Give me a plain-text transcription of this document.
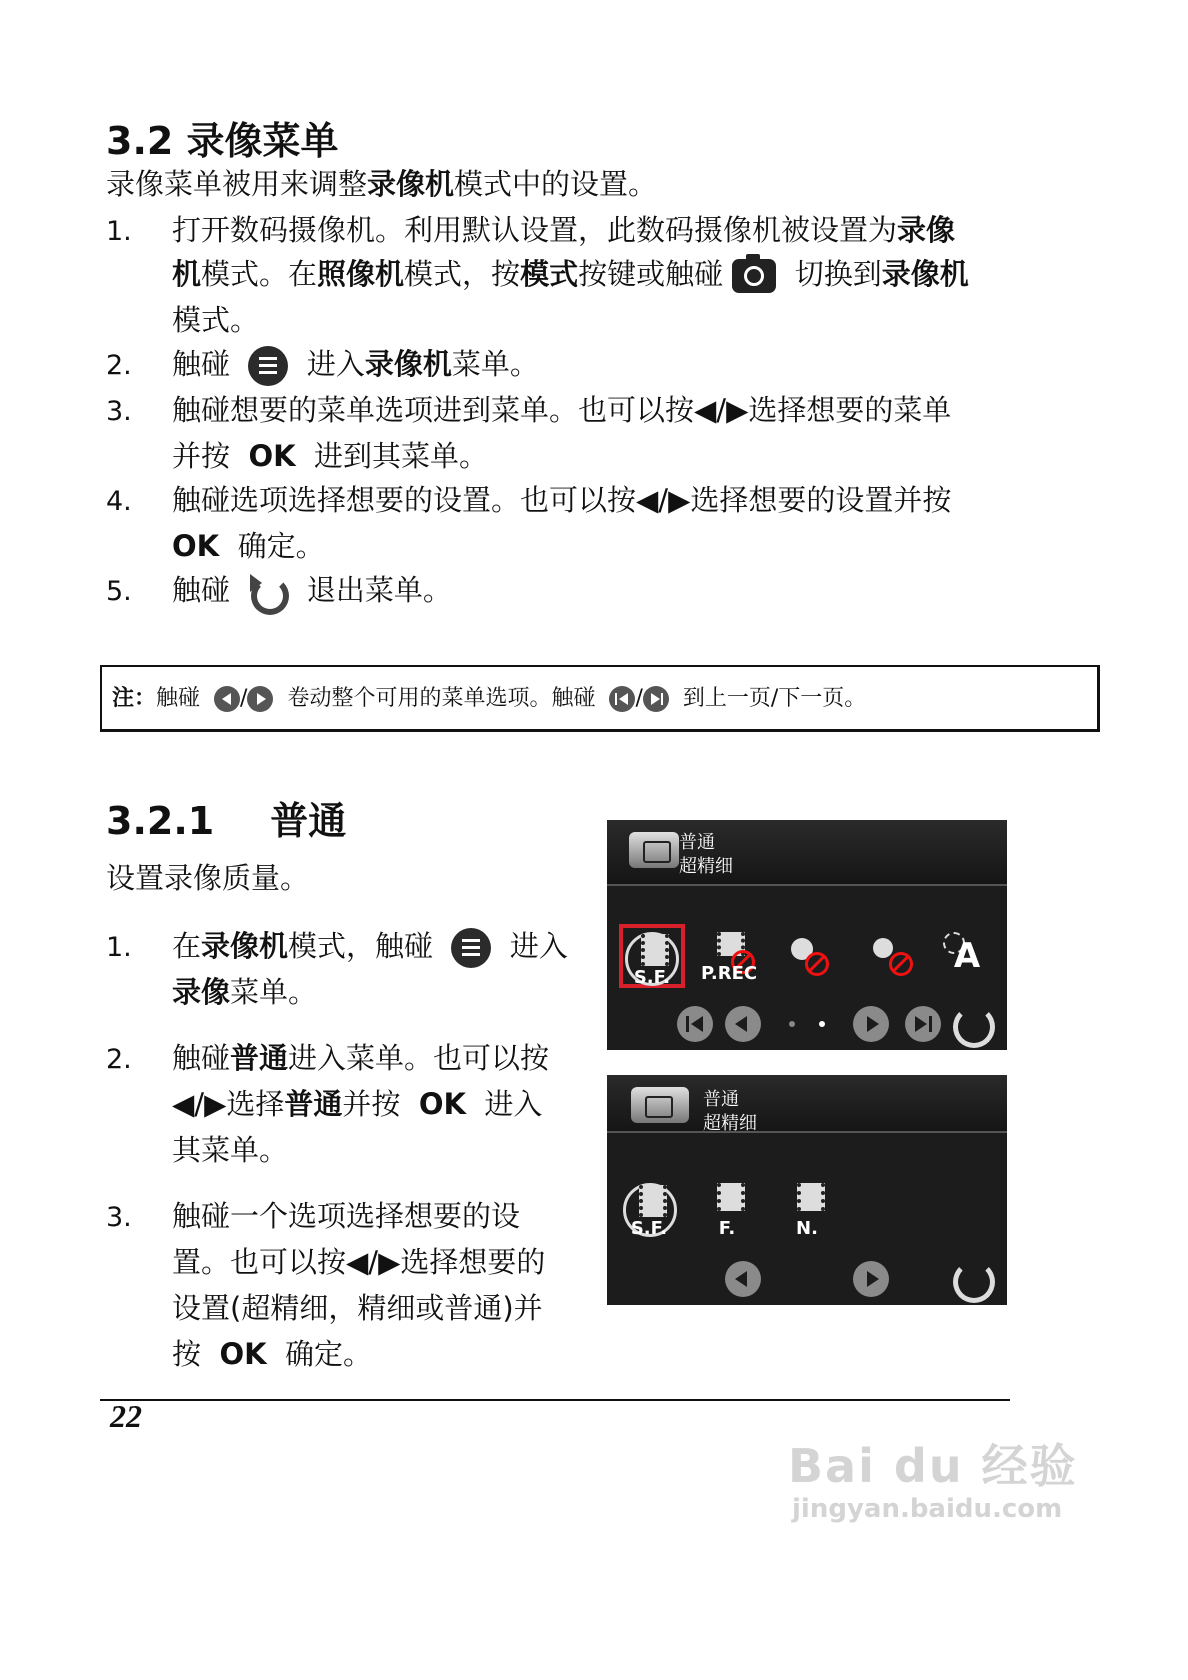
3.2 录像菜单
录像菜单被用来调整录像机模式中的设置。
1. 打开数码摄像机。利用默认设置，此数码摄像机被设置为录像
机模式。在照像机模式，按模式按键或触碰 切换到录像机
模式。
2. 触碰	进入录像机菜单。
3. 触碰想要的菜单选项进到菜单。也可以按◀/▶选择想要的菜单
并按 OK 进到其菜单。
4. 触碰选项选择想要的设置。也可以按◀/▶选择想要的设置并按
OK 确定。
5. 触碰	退出菜单。
注：触碰 / 卷动整个可用的菜单选项。触碰 / 到上一页/下一页。
3.2.1 普通
设置录像质量。
1. 在录像机模式，触碰	进入
录像菜单。
2. 触碰普通进入菜单。也可以按
◀/▶选择普通并按 OK 进入
其菜单。
3. 触碰一个选项选择想要的设
置。也可以按◀/▶选择想要的
设置(超精细，精细或普通)并
按 OK 确定。
普通
超精细
S.F.	P.REC	A
普通
超精细
S.F.	F.	N.
22
Bai du 经验
jingyan.baidu.com
